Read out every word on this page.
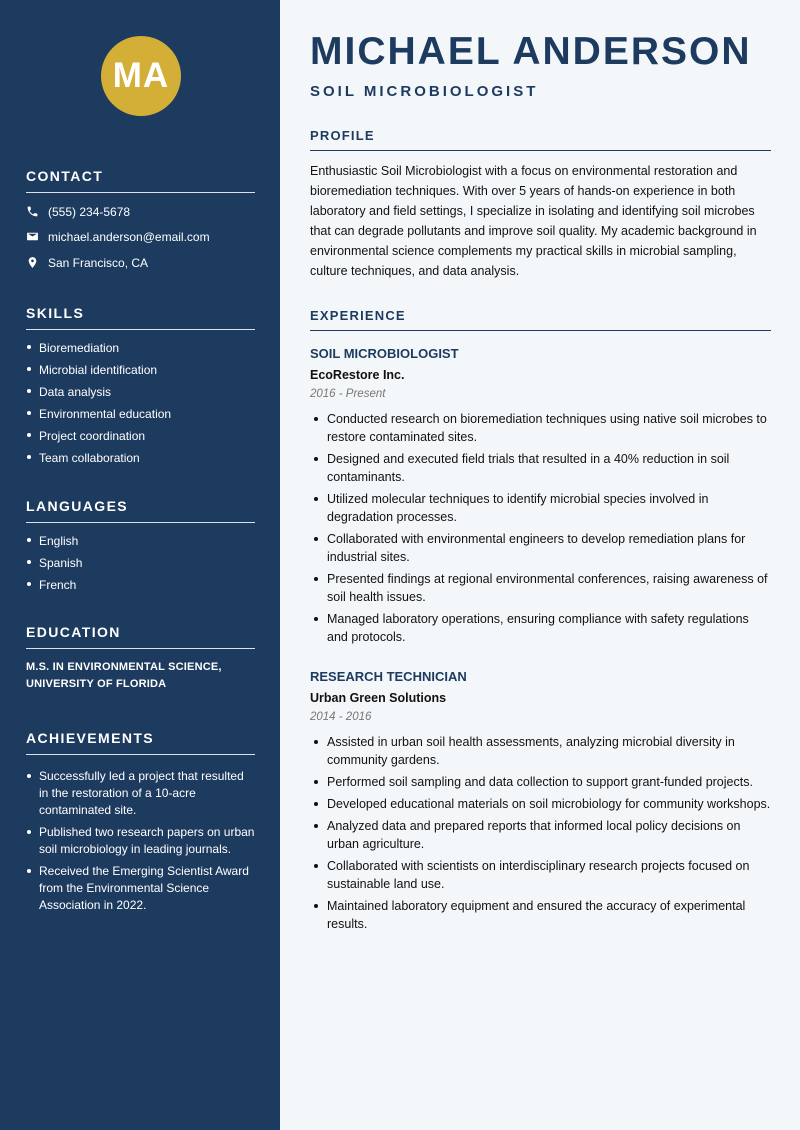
MA
CONTACT
(555) 234-5678
michael.anderson@email.com
San Francisco, CA
SKILLS
Bioremediation
Microbial identification
Data analysis
Environmental education
Project coordination
Team collaboration
LANGUAGES
English
Spanish
French
EDUCATION
M.S. IN ENVIRONMENTAL SCIENCE,
UNIVERSITY OF FLORIDA
ACHIEVEMENTS
Successfully led a project that resulted in the restoration of a 10-acre contaminated site.
Published two research papers on urban soil microbiology in leading journals.
Received the Emerging Scientist Award from the Environmental Science Association in 2022.
MICHAEL ANDERSON
SOIL MICROBIOLOGIST
PROFILE

Enthusiastic Soil Microbiologist with a focus on environmental restoration and bioremediation techniques. With over 5 years of hands-on experience in both laboratory and field settings, I specialize in isolating and identifying soil microbes that can degrade pollutants and improve soil quality. My academic background in environmental science complements my practical skills in microbial sampling, culture techniques, and data analysis.

EXPERIENCE
SOIL MICROBIOLOGIST
EcoRestore Inc.
2016 - Present
Conducted research on bioremediation techniques using native soil microbes to restore contaminated sites.
Designed and executed field trials that resulted in a 40% reduction in soil contaminants.
Utilized molecular techniques to identify microbial species involved in degradation processes.
Collaborated with environmental engineers to develop remediation plans for industrial sites.
Presented findings at regional environmental conferences, raising awareness of soil health issues.
Managed laboratory operations, ensuring compliance with safety regulations and protocols.
RESEARCH TECHNICIAN
Urban Green Solutions
2014 - 2016
Assisted in urban soil health assessments, analyzing microbial diversity in community gardens.
Performed soil sampling and data collection to support grant-funded projects.
Developed educational materials on soil microbiology for community workshops.
Analyzed data and prepared reports that informed local policy decisions on urban agriculture.
Collaborated with scientists on interdisciplinary research projects focused on sustainable land use.
Maintained laboratory equipment and ensured the accuracy of experimental results.
